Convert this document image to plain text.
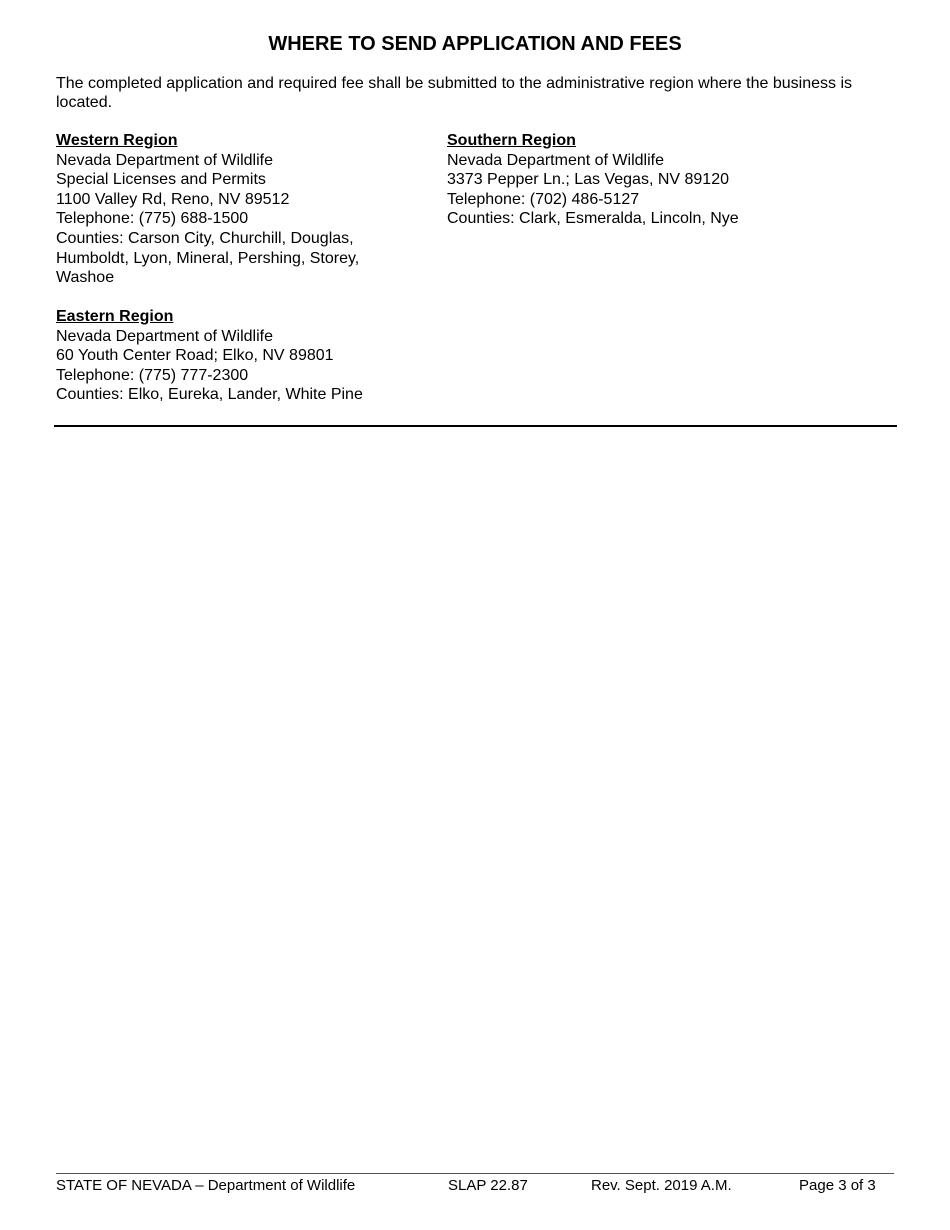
WHERE TO SEND APPLICATION AND FEES

The completed application and required fee shall be submitted to the administrative region where the business is located.

Western Region
Nevada Department of Wildlife
Special Licenses and Permits
1100 Valley Rd, Reno, NV 89512
Telephone: (775) 688-1500
Counties: Carson City, Churchill, Douglas, Humboldt, Lyon, Mineral, Pershing, Storey, Washoe
Southern Region
Nevada Department of Wildlife
3373 Pepper Ln.; Las Vegas, NV 89120
Telephone: (702) 486-5127
Counties: Clark, Esmeralda, Lincoln, Nye
Eastern Region
Nevada Department of Wildlife
60 Youth Center Road; Elko, NV 89801
Telephone: (775) 777-2300
Counties: Elko, Eureka, Lander, White Pine
STATE OF NEVADA – Department of Wildlife	SLAP 22.87	Rev. Sept. 2019 A.M.	Page 3 of 3
